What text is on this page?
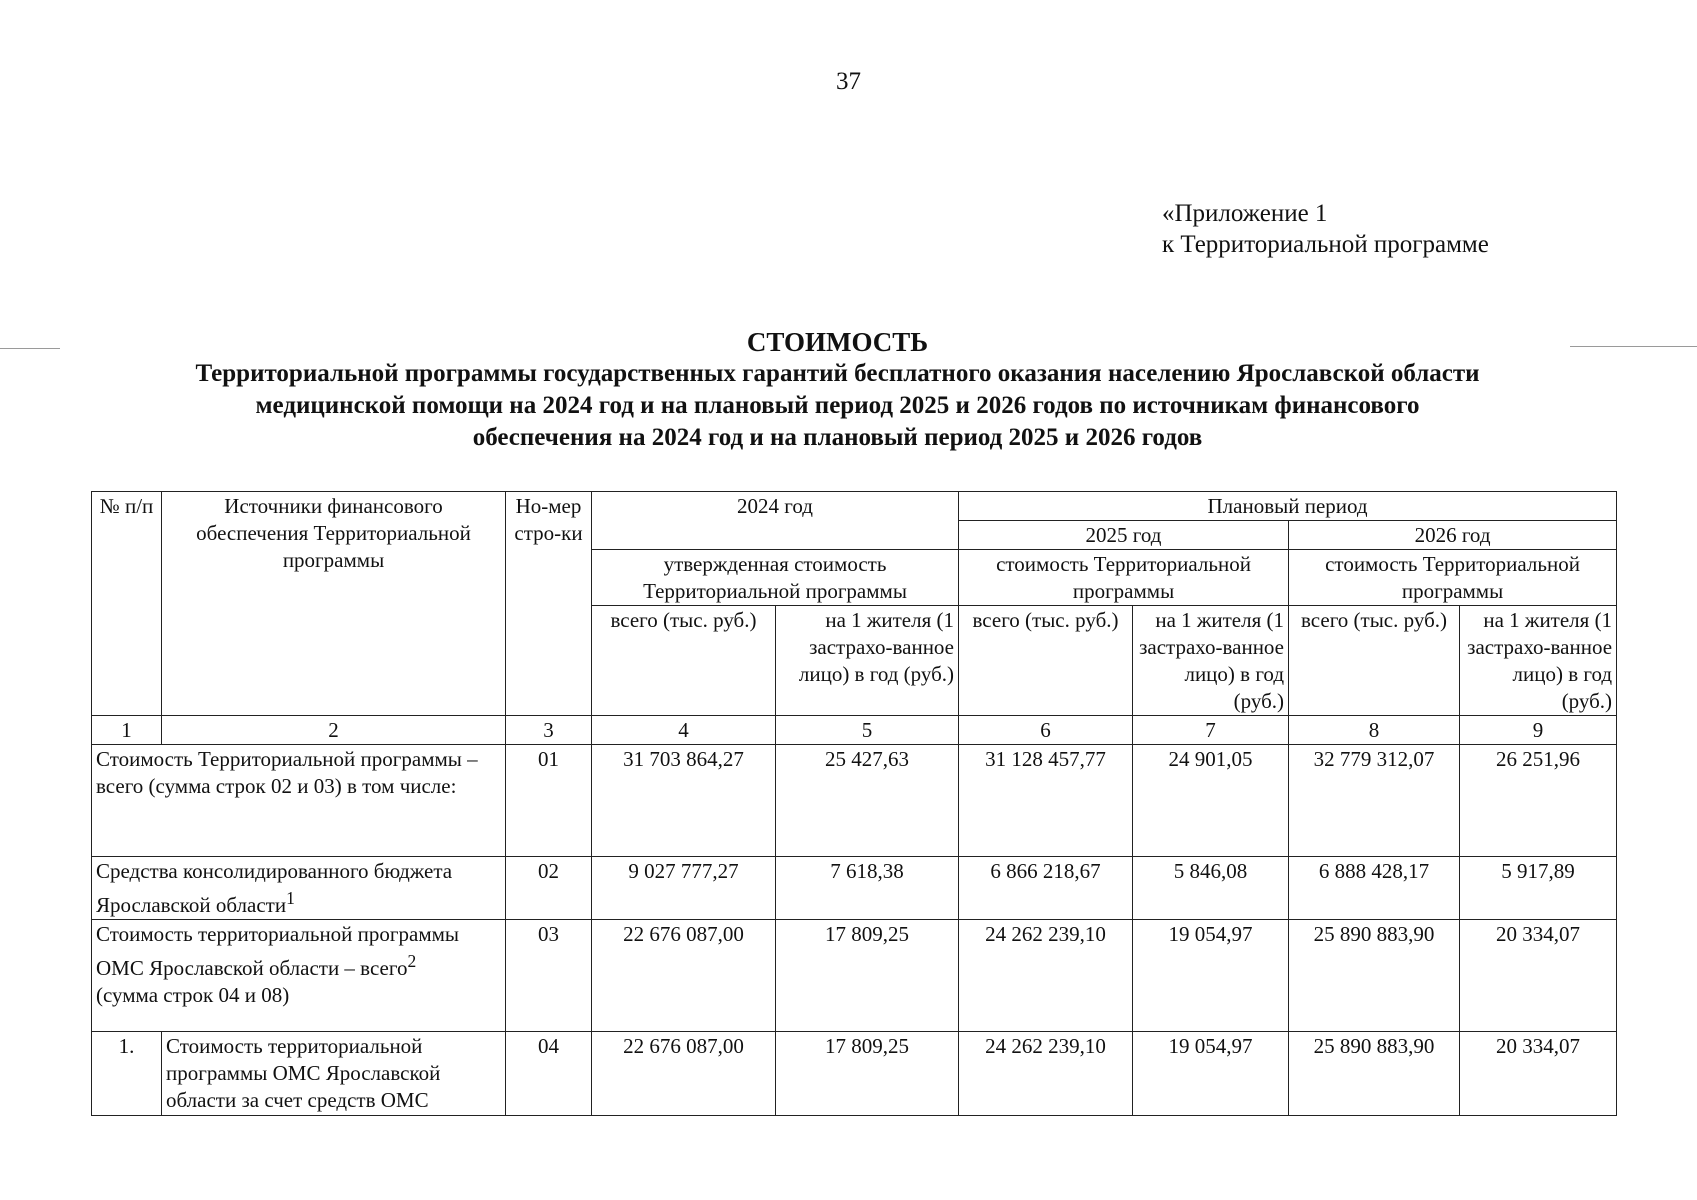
37
«Приложение 1
к Территориальной программе
СТОИМОСТЬ
Территориальной программы государственных гарантий бесплатного оказания населению Ярославской области
медицинской помощи на 2024 год и на плановый период 2025 и 2026 годов по источникам финансового
обеспечения на 2024 год и на плановый период 2025 и 2026 годов
№ п/п	Источники финансового обеспечения Территориальной программы	Но-мер стро-ки	2024 год		Плановый период			
					2025 год		2026 год	
			утвержденная стоимость Территориальной программы		стоимость Территориальной программы		стоимость Территориальной программы	
			всего (тыс. руб.)	на 1 жителя (1 застрахо-ванное лицо) в год (руб.)	всего (тыс. руб.)	на 1 жителя (1 застрахо-ванное лицо) в год (руб.)	всего (тыс. руб.)	на 1 жителя (1 застрахо-ванное лицо) в год (руб.)
1	2	3	4	5	6	7	8	9
Стоимость Территориальной программы – всего (сумма строк 02 и 03) в том числе:		01	31 703 864,27	25 427,63	31 128 457,77	24 901,05	32 779 312,07	26 251,96
Средства консолидированного бюджета Ярославской области$^1$		02	9 027 777,27	7 618,38	6 866 218,67	5 846,08	6 888 428,17	5 917,89
Стоимость территориальной программы ОМС Ярославской области – всего$^2$
(сумма строк 04 и 08)		03	22 676 087,00	17 809,25	24 262 239,10	19 054,97	25 890 883,90	20 334,07
1.	Стоимость территориальной программы ОМС Ярославской области за счет средств ОМС	04	22 676 087,00	17 809,25	24 262 239,10	19 054,97	25 890 883,90	20 334,07
